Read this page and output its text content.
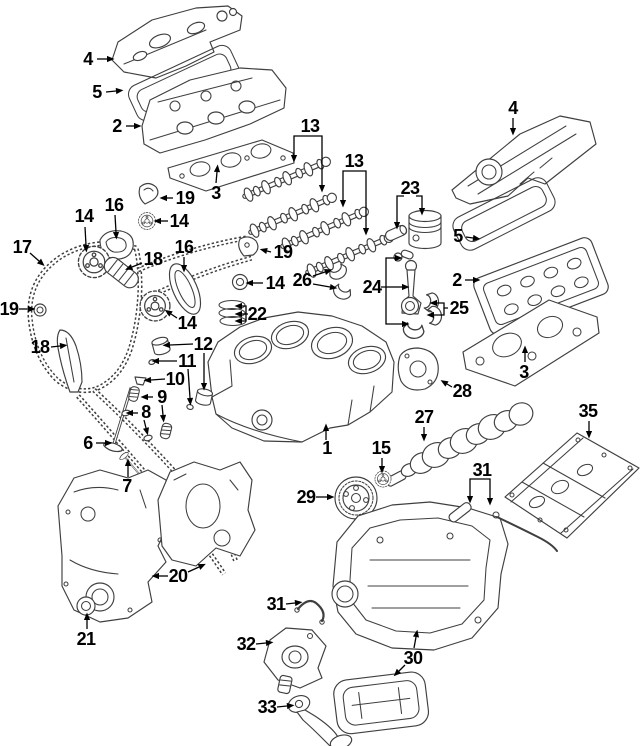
4
5
2
3
19
14
16
14
17
19
18
18
16
14
19
14 26
22
13
13
23
5
2
25
24
4
3
28
27	35
15
1
29
31
30
31
32
33
20
21
6
7
8
9
10
11
12
